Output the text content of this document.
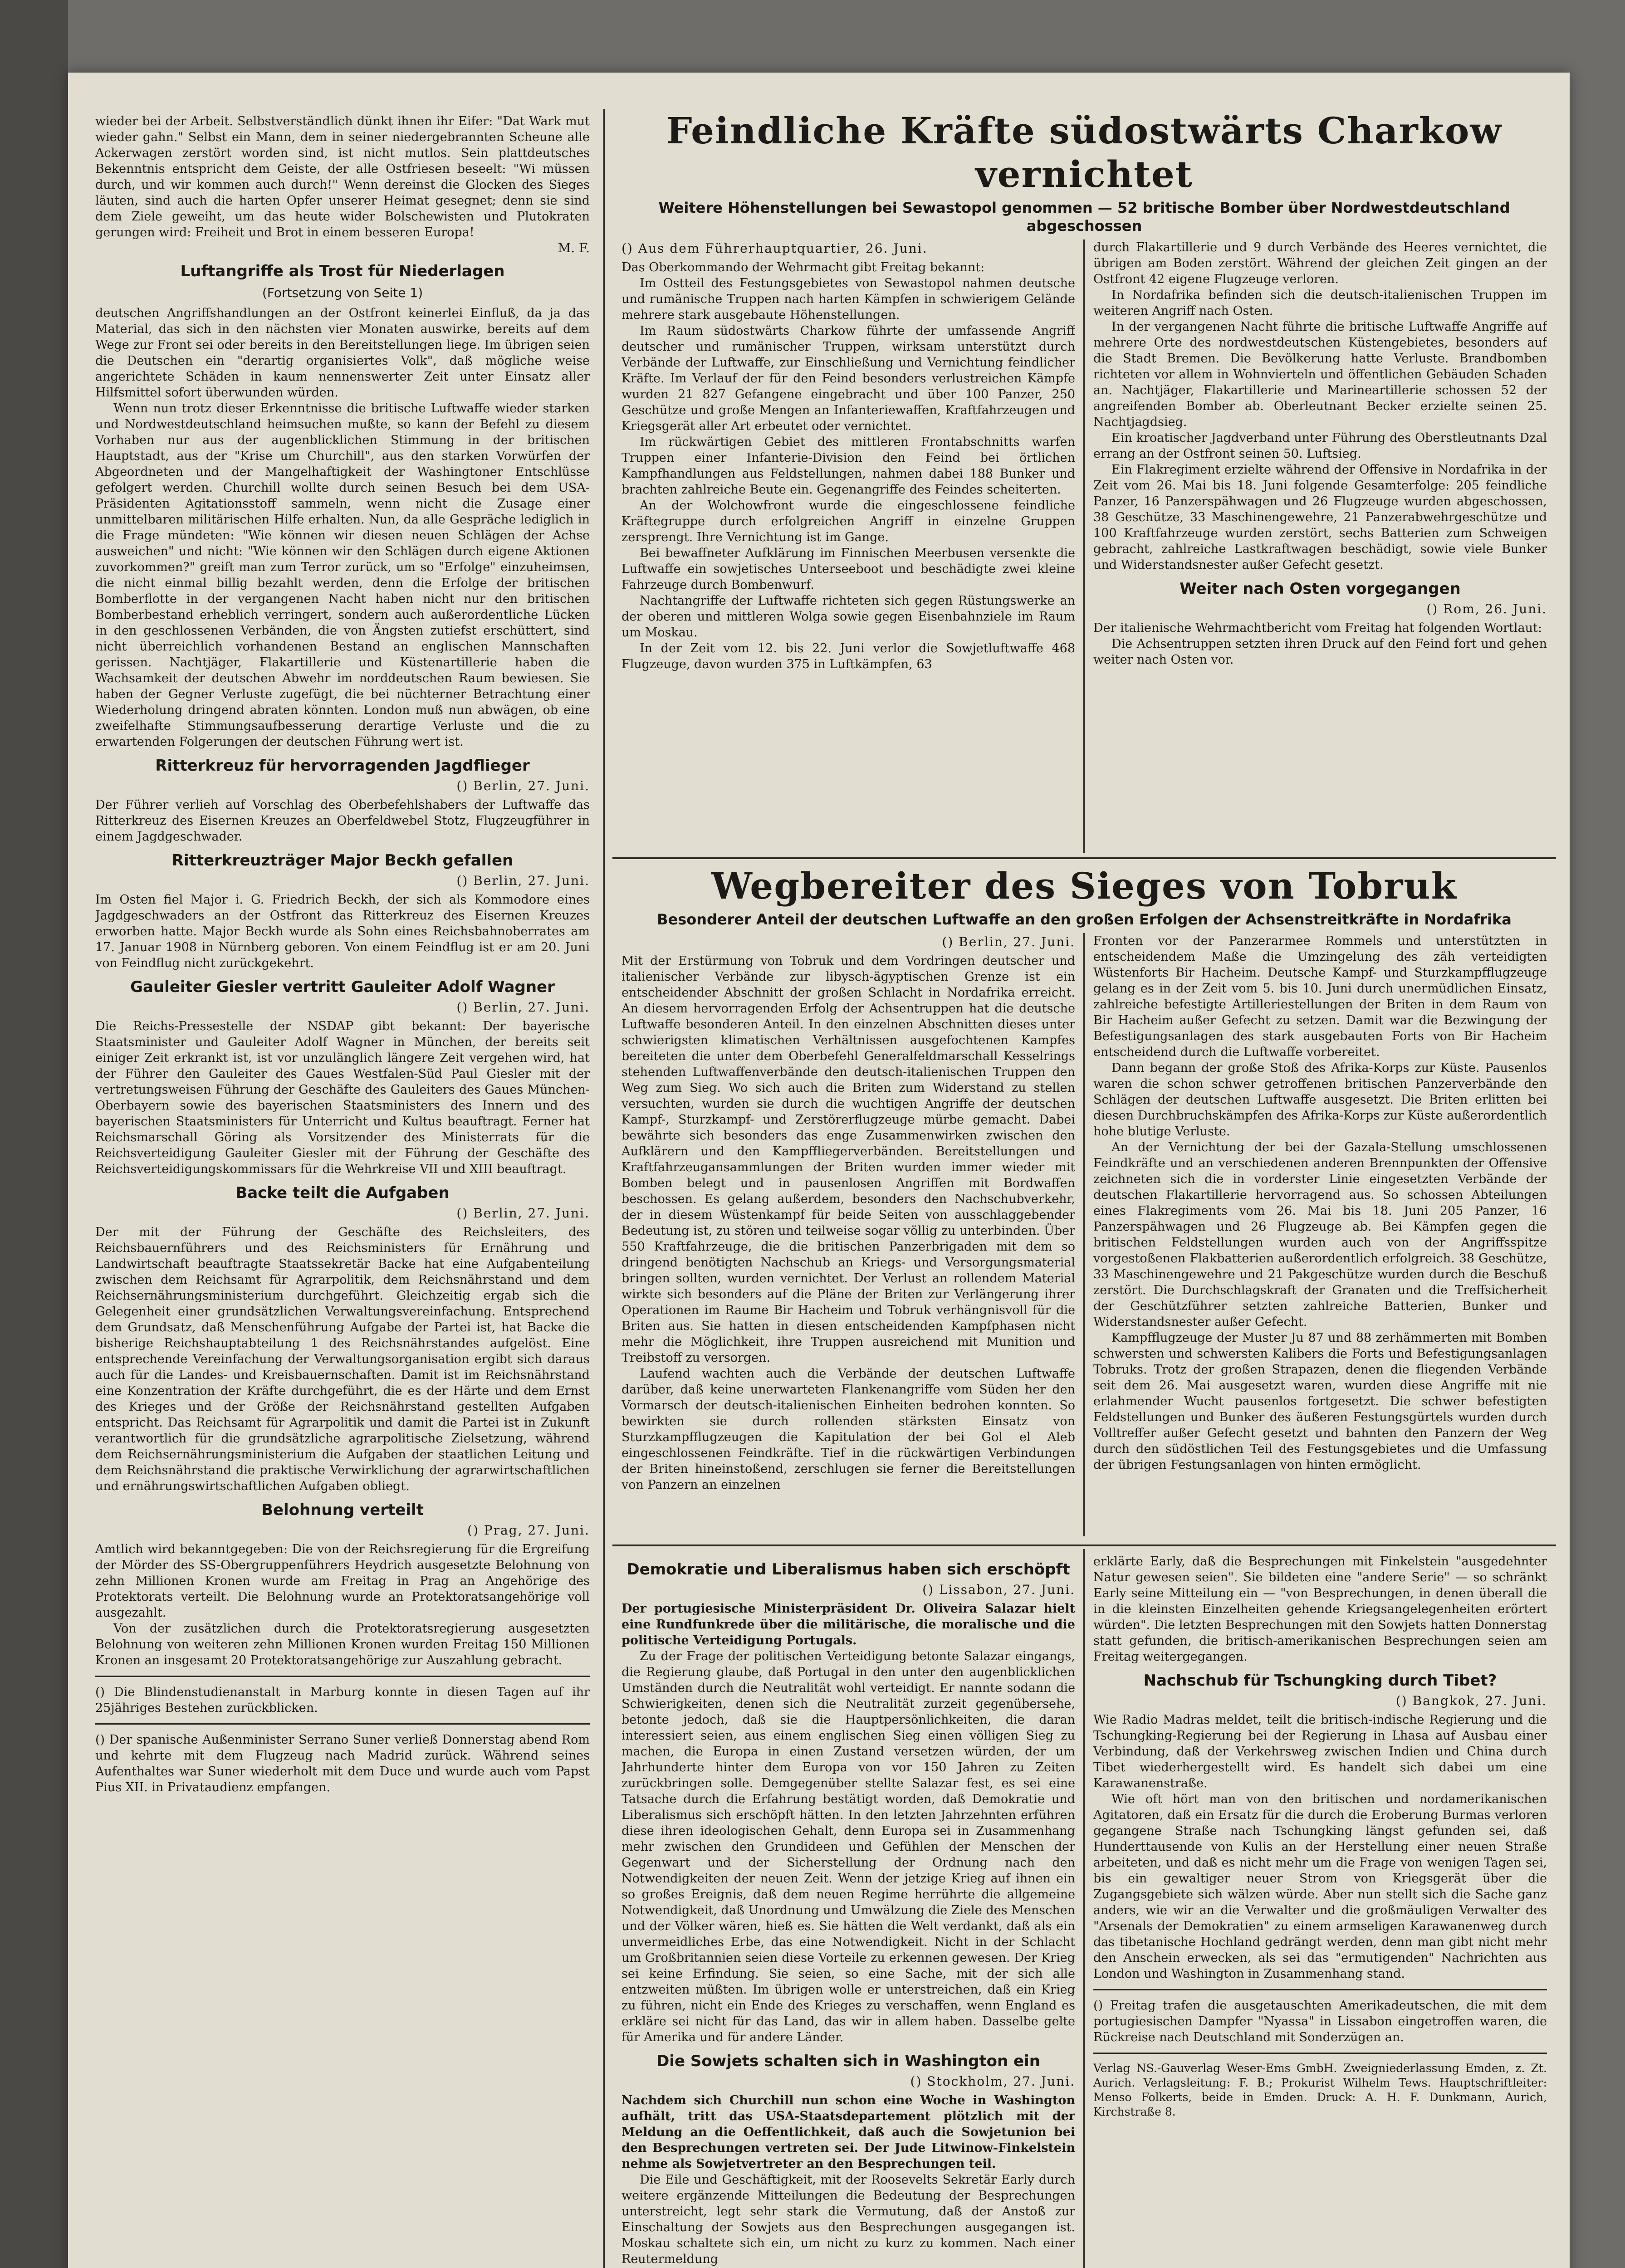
wieder bei der Arbeit. Selbstverständlich dünkt ihnen ihr Eifer: "Dat Wark mut wieder gahn." Selbst ein Mann, dem in seiner niedergebrannten Scheune alle Ackerwagen zerstört worden sind, ist nicht mutlos. Sein plattdeutsches Bekenntnis entspricht dem Geiste, der alle Ostfriesen beseelt: "Wi müssen durch, und wir kommen auch durch!" Wenn dereinst die Glocken des Sieges läuten, sind auch die harten Opfer unserer Heimat gesegnet; denn sie sind dem Ziele geweiht, um das heute wider Bolschewisten und Plutokraten gerungen wird: Freiheit und Brot in einem besseren Europa!

M. F.

Luftangriffe als Trost für Niederlagen
(Fortsetzung von Seite 1)

deutschen Angriffshandlungen an der Ostfront keinerlei Einfluß, da ja das Material, das sich in den nächsten vier Monaten auswirke, bereits auf dem Wege zur Front sei oder bereits in den Bereitstellungen liege. Im übrigen seien die Deutschen ein "derartig organisiertes Volk", daß mögliche weise angerichtete Schäden in kaum nennenswerter Zeit unter Einsatz aller Hilfsmittel sofort überwunden würden.

Wenn nun trotz dieser Erkenntnisse die britische Luftwaffe wieder starken und Nordwestdeutschland heimsuchen mußte, so kann der Befehl zu diesem Vorhaben nur aus der augenblicklichen Stimmung in der britischen Hauptstadt, aus der "Krise um Churchill", aus den starken Vorwürfen der Abgeordneten und der Mangelhaftigkeit der Washingtoner Entschlüsse gefolgert werden. Churchill wollte durch seinen Besuch bei dem USA-Präsidenten Agitationsstoff sammeln, wenn nicht die Zusage einer unmittelbaren militärischen Hilfe erhalten. Nun, da alle Gespräche lediglich in die Frage mündeten: "Wie können wir diesen neuen Schlägen der Achse ausweichen" und nicht: "Wie können wir den Schlägen durch eigene Aktionen zuvorkommen?" greift man zum Terror zurück, um so "Erfolge" einzuheimsen, die nicht einmal billig bezahlt werden, denn die Erfolge der britischen Bomberflotte in der vergangenen Nacht haben nicht nur den britischen Bomberbestand erheblich verringert, sondern auch außerordentliche Lücken in den geschlossenen Verbänden, die von Ängsten zutiefst erschüttert, sind nicht überreichlich vorhandenen Bestand an englischen Mannschaften gerissen. Nachtjäger, Flakartillerie und Küstenartillerie haben die Wachsamkeit der deutschen Abwehr im norddeutschen Raum bewiesen. Sie haben der Gegner Verluste zugefügt, die bei nüchterner Betrachtung einer Wiederholung dringend abraten könnten. London muß nun abwägen, ob eine zweifelhafte Stimmungsaufbesserung derartige Verluste und die zu erwartenden Folgerungen der deutschen Führung wert ist.

Ritterkreuz für hervorragenden Jagdflieger
() Berlin, 27. Juni.

Der Führer verlieh auf Vorschlag des Oberbefehlshabers der Luftwaffe das Ritterkreuz des Eisernen Kreuzes an Oberfeldwebel Stotz, Flugzeugführer in einem Jagdgeschwader.

Ritterkreuzträger Major Beckh gefallen
() Berlin, 27. Juni.

Im Osten fiel Major i. G. Friedrich Beckh, der sich als Kommodore eines Jagdgeschwaders an der Ostfront das Ritterkreuz des Eisernen Kreuzes erworben hatte. Major Beckh wurde als Sohn eines Reichsbahnoberrates am 17. Januar 1908 in Nürnberg geboren. Von einem Feindflug ist er am 20. Juni von Feindflug nicht zurückgekehrt.

Gauleiter Giesler vertritt Gauleiter Adolf Wagner
() Berlin, 27. Juni.

Die Reichs-Pressestelle der NSDAP gibt bekannt: Der bayerische Staatsminister und Gauleiter Adolf Wagner in München, der bereits seit einiger Zeit erkrankt ist, ist vor unzulänglich längere Zeit vergehen wird, hat der Führer den Gauleiter des Gaues Westfalen-Süd Paul Giesler mit der vertretungsweisen Führung der Geschäfte des Gauleiters des Gaues München-Oberbayern sowie des bayerischen Staatsministers des Innern und des bayerischen Staatsministers für Unterricht und Kultus beauftragt. Ferner hat Reichsmarschall Göring als Vorsitzender des Ministerrats für die Reichsverteidigung Gauleiter Giesler mit der Führung der Geschäfte des Reichsverteidigungskommissars für die Wehrkreise VII und XIII beauftragt.

Backe teilt die Aufgaben
() Berlin, 27. Juni.

Der mit der Führung der Geschäfte des Reichsleiters, des Reichsbauernführers und des Reichsministers für Ernährung und Landwirtschaft beauftragte Staatssekretär Backe hat eine Aufgabenteilung zwischen dem Reichsamt für Agrarpolitik, dem Reichsnährstand und dem Reichsernährungsministerium durchgeführt. Gleichzeitig ergab sich die Gelegenheit einer grundsätzlichen Verwaltungsvereinfachung. Entsprechend dem Grundsatz, daß Menschenführung Aufgabe der Partei ist, hat Backe die bisherige Reichshauptabteilung 1 des Reichsnährstandes aufgelöst. Eine entsprechende Vereinfachung der Verwaltungsorganisation ergibt sich daraus auch für die Landes- und Kreisbauernschaften. Damit ist im Reichsnährstand eine Konzentration der Kräfte durchgeführt, die es der Härte und dem Ernst des Krieges und der Größe der Reichsnährstand gestellten Aufgaben entspricht. Das Reichsamt für Agrarpolitik und damit die Partei ist in Zukunft verantwortlich für die grundsätzliche agrarpolitische Zielsetzung, während dem Reichsernährungsministerium die Aufgaben der staatlichen Leitung und dem Reichsnährstand die praktische Verwirklichung der agrarwirtschaftlichen und ernährungswirtschaftlichen Aufgaben obliegt.

Belohnung verteilt
() Prag, 27. Juni.

Amtlich wird bekanntgegeben: Die von der Reichsregierung für die Ergreifung der Mörder des SS-Obergruppenführers Heydrich ausgesetzte Belohnung von zehn Millionen Kronen wurde am Freitag in Prag an Angehörige des Protektorats verteilt. Die Belohnung wurde an Protektoratsangehörige voll ausgezahlt.

Von der zusätzlichen durch die Protektoratsregierung ausgesetzten Belohnung von weiteren zehn Millionen Kronen wurden Freitag 150 Millionen Kronen an insgesamt 20 Protektoratsangehörige zur Auszahlung gebracht.

() Die Blindenstudienanstalt in Marburg konnte in diesen Tagen auf ihr 25jähriges Bestehen zurückblicken.

() Der spanische Außenminister Serrano Suner verließ Donnerstag abend Rom und kehrte mit dem Flugzeug nach Madrid zurück. Während seines Aufenthaltes war Suner wiederholt mit dem Duce und wurde auch vom Papst Pius XII. in Privataudienz empfangen.

Feindliche Kräfte südostwärts Charkow vernichtet
Weitere Höhenstellungen bei Sewastopol genommen — 52 britische Bomber über Nordwestdeutschland abgeschossen
() Aus dem Führerhauptquartier, 26. Juni.

Das Oberkommando der Wehrmacht gibt Freitag bekannt:

Im Ostteil des Festungsgebietes von Sewastopol nahmen deutsche und rumänische Truppen nach harten Kämpfen in schwierigem Gelände mehrere stark ausgebaute Höhenstellungen.

Im Raum südostwärts Charkow führte der umfassende Angriff deutscher und rumänischer Truppen, wirksam unterstützt durch Verbände der Luftwaffe, zur Einschließung und Vernichtung feindlicher Kräfte. Im Verlauf der für den Feind besonders verlustreichen Kämpfe wurden 21 827 Gefangene eingebracht und über 100 Panzer, 250 Geschütze und große Mengen an Infanteriewaffen, Kraftfahrzeugen und Kriegsgerät aller Art erbeutet oder vernichtet.

Im rückwärtigen Gebiet des mittleren Frontabschnitts warfen Truppen einer Infanterie-Division den Feind bei örtlichen Kampfhandlungen aus Feldstellungen, nahmen dabei 188 Bunker und brachten zahlreiche Beute ein. Gegenangriffe des Feindes scheiterten.

An der Wolchowfront wurde die eingeschlossene feindliche Kräftegruppe durch erfolgreichen Angriff in einzelne Gruppen zersprengt. Ihre Vernichtung ist im Gange.

Bei bewaffneter Aufklärung im Finnischen Meerbusen versenkte die Luftwaffe ein sowjetisches Unterseeboot und beschädigte zwei kleine Fahrzeuge durch Bombenwurf.

Nachtangriffe der Luftwaffe richteten sich gegen Rüstungswerke an der oberen und mittleren Wolga sowie gegen Eisenbahnziele im Raum um Moskau.

In der Zeit vom 12. bis 22. Juni verlor die Sowjetluftwaffe 468 Flugzeuge, davon wurden 375 in Luftkämpfen, 63

durch Flakartillerie und 9 durch Verbände des Heeres vernichtet, die übrigen am Boden zerstört. Während der gleichen Zeit gingen an der Ostfront 42 eigene Flugzeuge verloren.

In Nordafrika befinden sich die deutsch-italienischen Truppen im weiteren Angriff nach Osten.

In der vergangenen Nacht führte die britische Luftwaffe Angriffe auf mehrere Orte des nordwestdeutschen Küstengebietes, besonders auf die Stadt Bremen. Die Bevölkerung hatte Verluste. Brandbomben richteten vor allem in Wohnvierteln und öffentlichen Gebäuden Schaden an. Nachtjäger, Flakartillerie und Marineartillerie schossen 52 der angreifenden Bomber ab. Oberleutnant Becker erzielte seinen 25. Nachtjagdsieg.

Ein kroatischer Jagdverband unter Führung des Oberstleutnants Dzal errang an der Ostfront seinen 50. Luftsieg.

Ein Flakregiment erzielte während der Offensive in Nordafrika in der Zeit vom 26. Mai bis 18. Juni folgende Gesamterfolge: 205 feindliche Panzer, 16 Panzerspähwagen und 26 Flugzeuge wurden abgeschossen, 38 Geschütze, 33 Maschinengewehre, 21 Panzerabwehrgeschütze und 100 Kraftfahrzeuge wurden zerstört, sechs Batterien zum Schweigen gebracht, zahlreiche Lastkraftwagen beschädigt, sowie viele Bunker und Widerstandsnester außer Gefecht gesetzt.

Weiter nach Osten vorgegangen
() Rom, 26. Juni.

Der italienische Wehrmachtbericht vom Freitag hat folgenden Wortlaut:

Die Achsentruppen setzten ihren Druck auf den Feind fort und gehen weiter nach Osten vor.

Wegbereiter des Sieges von Tobruk
Besonderer Anteil der deutschen Luftwaffe an den großen Erfolgen der Achsenstreitkräfte in Nordafrika
() Berlin, 27. Juni.

Mit der Erstürmung von Tobruk und dem Vordringen deutscher und italienischer Verbände zur libysch-ägyptischen Grenze ist ein entscheidender Abschnitt der großen Schlacht in Nordafrika erreicht. An diesem hervorragenden Erfolg der Achsentruppen hat die deutsche Luftwaffe besonderen Anteil. In den einzelnen Abschnitten dieses unter schwierigsten klimatischen Verhältnissen ausgefochtenen Kampfes bereiteten die unter dem Oberbefehl Generalfeldmarschall Kesselrings stehenden Luftwaffenverbände den deutsch-italienischen Truppen den Weg zum Sieg. Wo sich auch die Briten zum Widerstand zu stellen versuchten, wurden sie durch die wuchtigen Angriffe der deutschen Kampf-, Sturzkampf- und Zerstörerflugzeuge mürbe gemacht. Dabei bewährte sich besonders das enge Zusammenwirken zwischen den Aufklärern und den Kampffliegerverbänden. Bereitstellungen und Kraftfahrzeugansammlungen der Briten wurden immer wieder mit Bomben belegt und in pausenlosen Angriffen mit Bordwaffen beschossen. Es gelang außerdem, besonders den Nachschubverkehr, der in diesem Wüstenkampf für beide Seiten von ausschlaggebender Bedeutung ist, zu stören und teilweise sogar völlig zu unterbinden. Über 550 Kraftfahrzeuge, die die britischen Panzerbrigaden mit dem so dringend benötigten Nachschub an Kriegs- und Versorgungsmaterial bringen sollten, wurden vernichtet. Der Verlust an rollendem Material wirkte sich besonders auf die Pläne der Briten zur Verlängerung ihrer Operationen im Raume Bir Hacheim und Tobruk verhängnisvoll für die Briten aus. Sie hatten in diesen entscheidenden Kampfphasen nicht mehr die Möglichkeit, ihre Truppen ausreichend mit Munition und Treibstoff zu versorgen.

Laufend wachten auch die Verbände der deutschen Luftwaffe darüber, daß keine unerwarteten Flankenangriffe vom Süden her den Vormarsch der deutsch-italienischen Einheiten bedrohen konnten. So bewirkten sie durch rollenden stärksten Einsatz von Sturzkampfflugzeugen die Kapitulation der bei Gol el Aleb eingeschlossenen Feindkräfte. Tief in die rückwärtigen Verbindungen der Briten hineinstoßend, zerschlugen sie ferner die Bereitstellungen von Panzern an einzelnen

Fronten vor der Panzerarmee Rommels und unterstützten in entscheidendem Maße die Umzingelung des zäh verteidigten Wüstenforts Bir Hacheim. Deutsche Kampf- und Sturzkampfflugzeuge gelang es in der Zeit vom 5. bis 10. Juni durch unermüdlichen Einsatz, zahlreiche befestigte Artilleriestellungen der Briten in dem Raum von Bir Hacheim außer Gefecht zu setzen. Damit war die Bezwingung der Befestigungsanlagen des stark ausgebauten Forts von Bir Hacheim entscheidend durch die Luftwaffe vorbereitet.

Dann begann der große Stoß des Afrika-Korps zur Küste. Pausenlos waren die schon schwer getroffenen britischen Panzerverbände den Schlägen der deutschen Luftwaffe ausgesetzt. Die Briten erlitten bei diesen Durchbruchskämpfen des Afrika-Korps zur Küste außerordentlich hohe blutige Verluste.

An der Vernichtung der bei der Gazala-Stellung umschlossenen Feindkräfte und an verschiedenen anderen Brennpunkten der Offensive zeichneten sich die in vorderster Linie eingesetzten Verbände der deutschen Flakartillerie hervorragend aus. So schossen Abteilungen eines Flakregiments vom 26. Mai bis 18. Juni 205 Panzer, 16 Panzerspähwagen und 26 Flugzeuge ab. Bei Kämpfen gegen die britischen Feldstellungen wurden auch von der Angriffsspitze vorgestoßenen Flakbatterien außerordentlich erfolgreich. 38 Geschütze, 33 Maschinengewehre und 21 Pakgeschütze wurden durch die Beschuß zerstört. Die Durchschlagskraft der Granaten und die Treffsicherheit der Geschützführer setzten zahlreiche Batterien, Bunker und Widerstandsnester außer Gefecht.

Kampfflugzeuge der Muster Ju 87 und 88 zerhämmerten mit Bomben schwersten und schwersten Kalibers die Forts und Befestigungsanlagen Tobruks. Trotz der großen Strapazen, denen die fliegenden Verbände seit dem 26. Mai ausgesetzt waren, wurden diese Angriffe mit nie erlahmender Wucht pausenlos fortgesetzt. Die schwer befestigten Feldstellungen und Bunker des äußeren Festungsgürtels wurden durch Volltreffer außer Gefecht gesetzt und bahnten den Panzern der Weg durch den südöstlichen Teil des Festungsgebietes und die Umfassung der übrigen Festungsanlagen von hinten ermöglicht.

Demokratie und Liberalismus haben sich erschöpft
() Lissabon, 27. Juni.

Der portugiesische Ministerpräsident Dr. Oliveira Salazar hielt eine Rundfunkrede über die militärische, die moralische und die politische Verteidigung Portugals.

Zu der Frage der politischen Verteidigung betonte Salazar eingangs, die Regierung glaube, daß Portugal in den unter den augenblicklichen Umständen durch die Neutralität wohl verteidigt. Er nannte sodann die Schwierigkeiten, denen sich die Neutralität zurzeit gegenübersehe, betonte jedoch, daß sie die Hauptpersönlichkeiten, die daran interessiert seien, aus einem englischen Sieg einen völligen Sieg zu machen, die Europa in einen Zustand versetzen würden, der um Jahrhunderte hinter dem Europa von vor 150 Jahren zu Zeiten zurückbringen solle. Demgegenüber stellte Salazar fest, es sei eine Tatsache durch die Erfahrung bestätigt worden, daß Demokratie und Liberalismus sich erschöpft hätten. In den letzten Jahrzehnten erführen diese ihren ideologischen Gehalt, denn Europa sei in Zusammenhang mehr zwischen den Grundideen und Gefühlen der Menschen der Gegenwart und der Sicherstellung der Ordnung nach den Notwendigkeiten der neuen Zeit. Wenn der jetzige Krieg auf ihnen ein so großes Ereignis, daß dem neuen Regime herrührte die allgemeine Notwendigkeit, daß Unordnung und Umwälzung die Ziele des Menschen und der Völker wären, hieß es. Sie hätten die Welt verdankt, daß als ein unvermeidliches Erbe, das eine Notwendigkeit. Nicht in der Schlacht um Großbritannien seien diese Vorteile zu erkennen gewesen. Der Krieg sei keine Erfindung. Sie seien, so eine Sache, mit der sich alle entzweiten müßten. Im übrigen wolle er unterstreichen, daß ein Krieg zu führen, nicht ein Ende des Krieges zu verschaffen, wenn England es erkläre sei nicht für das Land, das wir in allem haben. Dasselbe gelte für Amerika und für andere Länder.

Die Sowjets schalten sich in Washington ein
() Stockholm, 27. Juni.

Nachdem sich Churchill nun schon eine Woche in Washington aufhält, tritt das USA-Staatsdepartement plötzlich mit der Meldung an die Oeffentlichkeit, daß auch die Sowjetunion bei den Besprechungen vertreten sei. Der Jude Litwinow-Finkelstein nehme als Sowjetvertreter an den Besprechungen teil.

Die Eile und Geschäftigkeit, mit der Roosevelts Sekretär Early durch weitere ergänzende Mitteilungen die Bedeutung der Besprechungen unterstreicht, legt sehr stark die Vermutung, daß der Anstoß zur Einschaltung der Sowjets aus den Besprechungen ausgegangen ist. Moskau schaltete sich ein, um nicht zu kurz zu kommen. Nach einer Reutermeldung

erklärte Early, daß die Besprechungen mit Finkelstein "ausgedehnter Natur gewesen seien". Sie bildeten eine "andere Serie" — so schränkt Early seine Mitteilung ein — "von Besprechungen, in denen überall die in die kleinsten Einzelheiten gehende Kriegsangelegenheiten erörtert würden". Die letzten Besprechungen mit den Sowjets hatten Donnerstag statt gefunden, die britisch-amerikanischen Besprechungen seien am Freitag weitergegangen.

Nachschub für Tschungking durch Tibet?
() Bangkok, 27. Juni.

Wie Radio Madras meldet, teilt die britisch-indische Regierung und die Tschungking-Regierung bei der Regierung in Lhasa auf Ausbau einer Verbindung, daß der Verkehrsweg zwischen Indien und China durch Tibet wiederhergestellt wird. Es handelt sich dabei um eine Karawanenstraße.

Wie oft hört man von den britischen und nordamerikanischen Agitatoren, daß ein Ersatz für die durch die Eroberung Burmas verloren gegangene Straße nach Tschungking längst gefunden sei, daß Hunderttausende von Kulis an der Herstellung einer neuen Straße arbeiteten, und daß es nicht mehr um die Frage von wenigen Tagen sei, bis ein gewaltiger neuer Strom von Kriegsgerät über die Zugangsgebiete sich wälzen würde. Aber nun stellt sich die Sache ganz anders, wie wir an die Verwalter und die großmäuligen Verwalter des "Arsenals der Demokratien" zu einem armseligen Karawanenweg durch das tibetanische Hochland gedrängt werden, denn man gibt nicht mehr den Anschein erwecken, als sei das "ermutigenden" Nachrichten aus London und Washington in Zusammenhang stand.

() Freitag trafen die ausgetauschten Amerikadeutschen, die mit dem portugiesischen Dampfer "Nyassa" in Lissabon eingetroffen waren, die Rückreise nach Deutschland mit Sonderzügen an.

Verlag NS.-Gauverlag Weser-Ems GmbH. Zweigniederlassung Emden, z. Zt. Aurich. Verlagsleitung: F. B.; Prokurist Wilhelm Tews. Hauptschriftleiter: Menso Folkerts, beide in Emden. Druck: A. H. F. Dunkmann, Aurich, Kirchstraße 8.
